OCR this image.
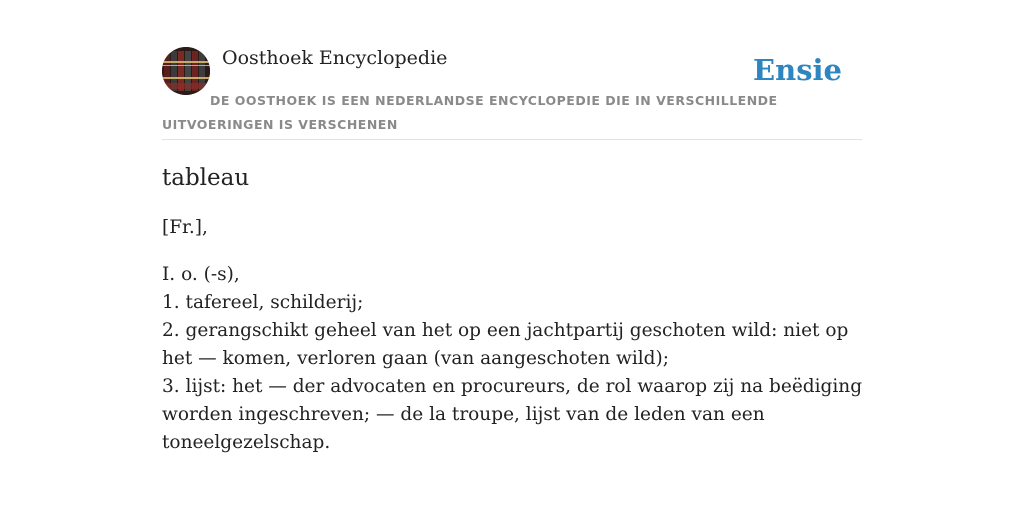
Oosthoek Encyclopedie	Ensie

DE OOSTHOEK IS EEN NEDERLANDSE ENCYCLOPEDIE DIE IN VERSCHILLENDE UITVOERINGEN IS VERSCHENEN

tableau

[Fr.],

I. o. (-s),
1. tafereel, schilderij;
2. gerangschikt geheel van het op een jachtpartij geschoten wild: niet op het — komen, verloren gaan (van aangeschoten wild);
3. lijst: het — der advocaten en procureurs, de rol waarop zij na beëdiging worden ingeschreven; — de la troupe, lijst van de leden van een toneelgezelschap.
